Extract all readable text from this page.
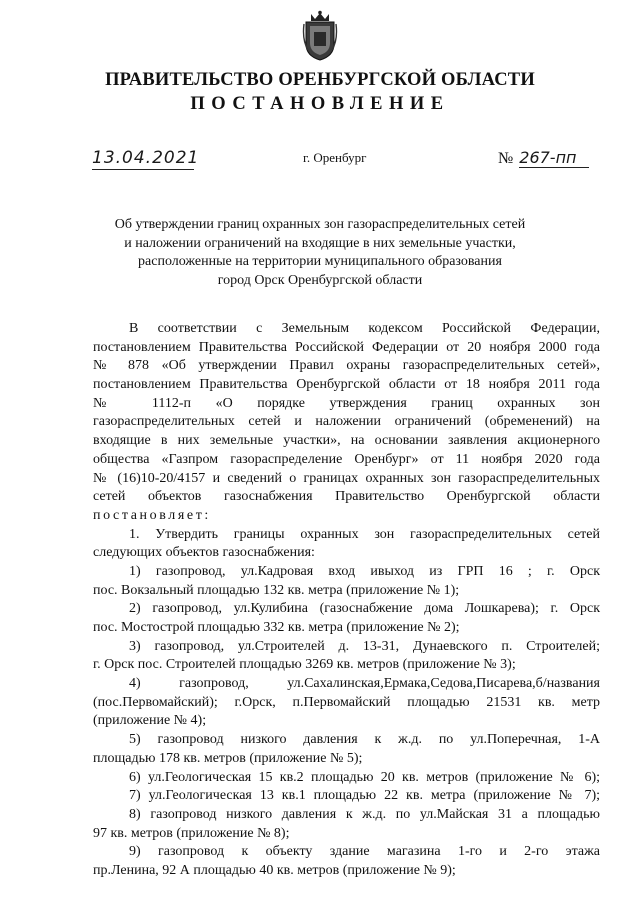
ПРАВИТЕЛЬСТВО ОРЕНБУРГСКОЙ ОБЛАСТИ
ПОСТАНОВЛЕНИЕ
13.04.2021	г. Оренбург	№ 267-пп
Об утверждении границ охранных зон газораспределительных сетей
и наложении ограничений на входящие в них земельные участки,
расположенные на территории муниципального образования
город Орск Оренбургской области
В соответствии с Земельным кодексом Российской Федерации,
постановлением Правительства Российской Федерации от 20 ноября 2000 года
№ 878 «Об утверждении Правил охраны газораспределительных сетей»,
постановлением Правительства Оренбургской области от 18 ноября 2011 года
№ 1112-п «О порядке утверждения границ охранных зон
газораспределительных сетей и наложении ограничений (обременений) на
входящие в них земельные участки», на основании заявления акционерного
общества «Газпром газораспределение Оренбург» от 11 ноября 2020 года
№ (16)10-20/4157 и сведений о границах охранных зон газораспределительных
сетей объектов газоснабжения Правительство Оренбургской области
постановляет:
1. Утвердить границы охранных зон газораспределительных сетей
следующих объектов газоснабжения:
1) газопровод, ул.Кадровая вход ивыход из ГРП 16 ; г. Орск
пос. Вокзальный площадью 132 кв. метра (приложение № 1);
2) газопровод, ул.Кулибина (газоснабжение дома Лошкарева); г. Орск
пос. Мостострой площадью 332 кв. метра (приложение № 2);
3) газопровод, ул.Строителей д. 13-31, Дунаевского п. Строителей;
г. Орск пос. Строителей площадью 3269 кв. метров (приложение № 3);
4) газопровод, ул.Сахалинская,Ермака,Седова,Писарева,б/названия
(пос.Первомайский); г.Орск, п.Первомайский площадью 21531 кв. метр
(приложение № 4);
5) газопровод низкого давления к ж.д. по ул.Поперечная, 1-А
площадью 178 кв. метров (приложение № 5);
6) ул.Геологическая 15 кв.2 площадью 20 кв. метров (приложение № 6);
7) ул.Геологическая 13 кв.1 площадью 22 кв. метра (приложение № 7);
8) газопровод низкого давления к ж.д. по ул.Майская 31 а площадью
97 кв. метров (приложение № 8);
9) газопровод к объекту здание магазина 1-го и 2-го этажа
пр.Ленина, 92 А площадью 40 кв. метров (приложение № 9);
